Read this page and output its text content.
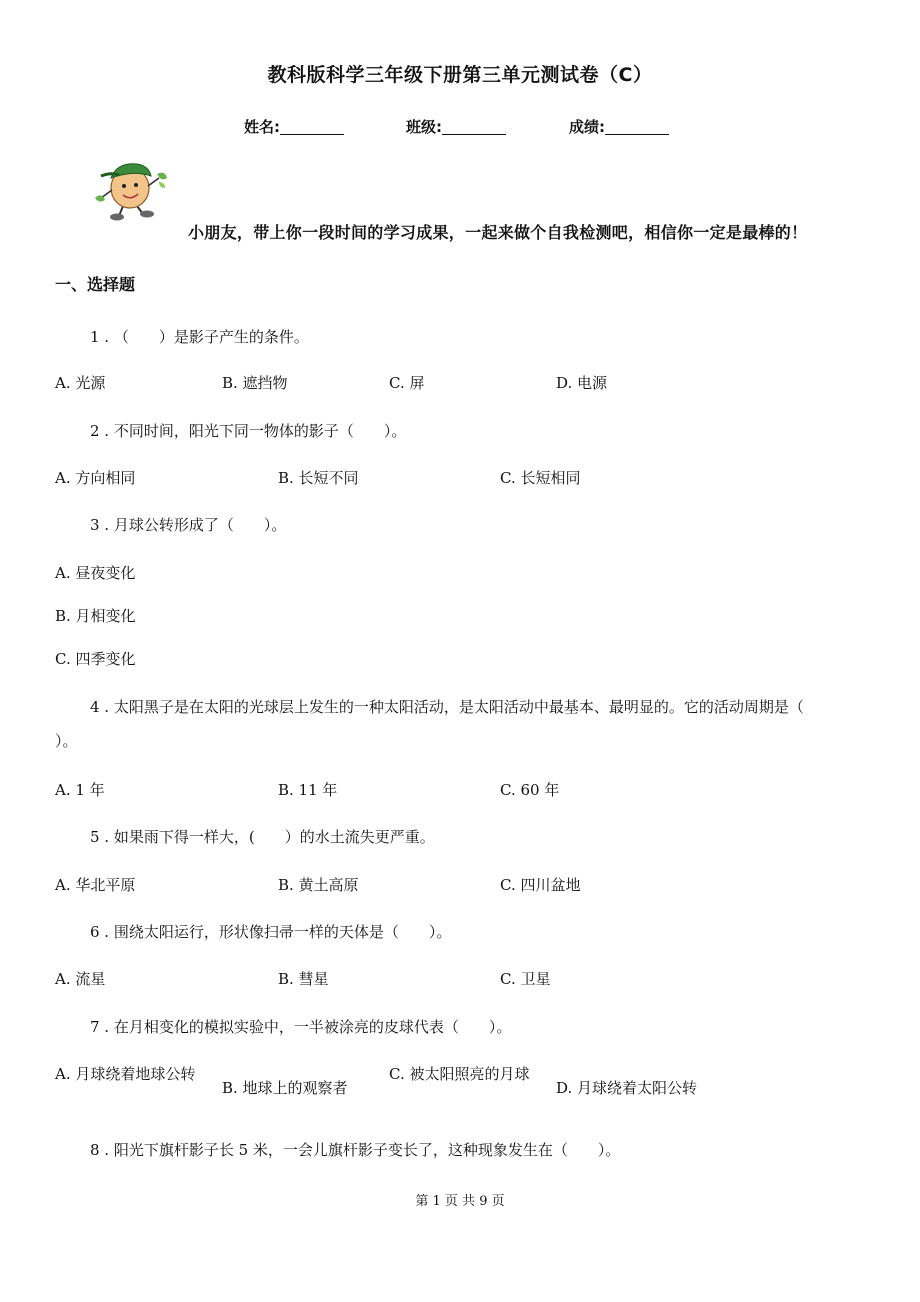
教科版科学三年级下册第三单元测试卷（C）
姓名:	班级:	成绩:
小朋友，带上你一段时间的学习成果，一起来做个自我检测吧，相信你一定是最棒的！
一、选择题
1 . （　　）是影子产生的条件。
A. 光源	B. 遮挡物	C. 屏	D. 电源
2 . 不同时间，阳光下同一物体的影子（　　）。
A. 方向相同	B. 长短不同	C. 长短相同
3 . 月球公转形成了（　　）。
A. 昼夜变化
B. 月相变化
C. 四季变化
4 . 太阳黑子是在太阳的光球层上发生的一种太阳活动，是太阳活动中最基本、最明显的。它的活动周期是（
）。
A. 1 年	B. 11 年	C. 60 年
5 . 如果雨下得一样大，(　　）的水土流失更严重。
A. 华北平原	B. 黄土高原	C. 四川盆地
6 . 围绕太阳运行，形状像扫帚一样的天体是（　　）。
A. 流星	B. 彗星	C. 卫星
7 . 在月相变化的模拟实验中，一半被涂亮的皮球代表（　　）。
A. 月球绕着地球公转
B. 地球上的观察者
C. 被太阳照亮的月球
D. 月球绕着太阳公转
8 . 阳光下旗杆影子长 5 米，一会儿旗杆影子变长了，这种现象发生在（　　）。
第 1 页 共 9 页
